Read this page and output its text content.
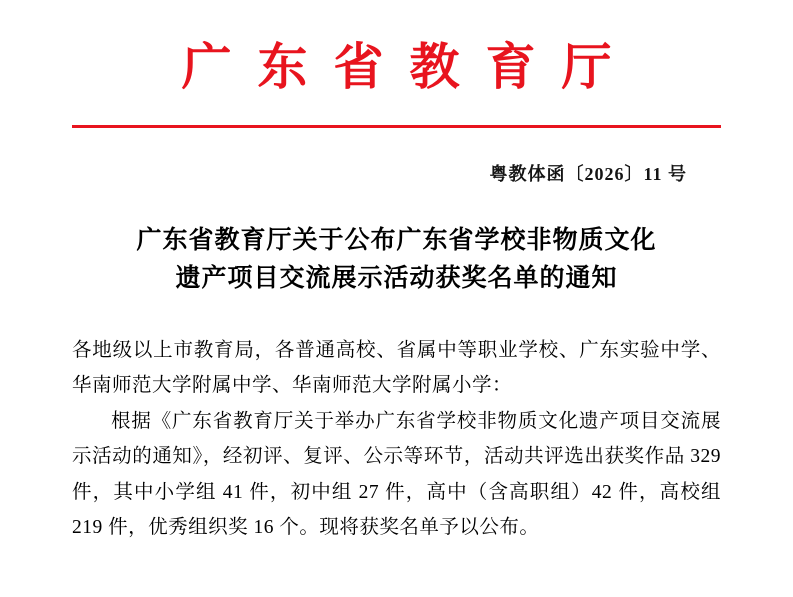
广东省教育厅
粤教体函〔2026〕11 号
广东省教育厅关于公布广东省学校非物质文化
遗产项目交流展示活动获奖名单的通知

各地级以上市教育局，各普通高校、省属中等职业学校、广东实验中学、华南师范大学附属中学、华南师范大学附属小学：

根据《广东省教育厅关于举办广东省学校非物质文化遗产项目交流展示活动的通知》，经初评、复评、公示等环节，活动共评选出获奖作品 329 件，其中小学组 41 件，初中组 27 件，高中（含高职组）42 件，高校组 219 件，优秀组织奖 16 个。现将获奖名单予以公布。
